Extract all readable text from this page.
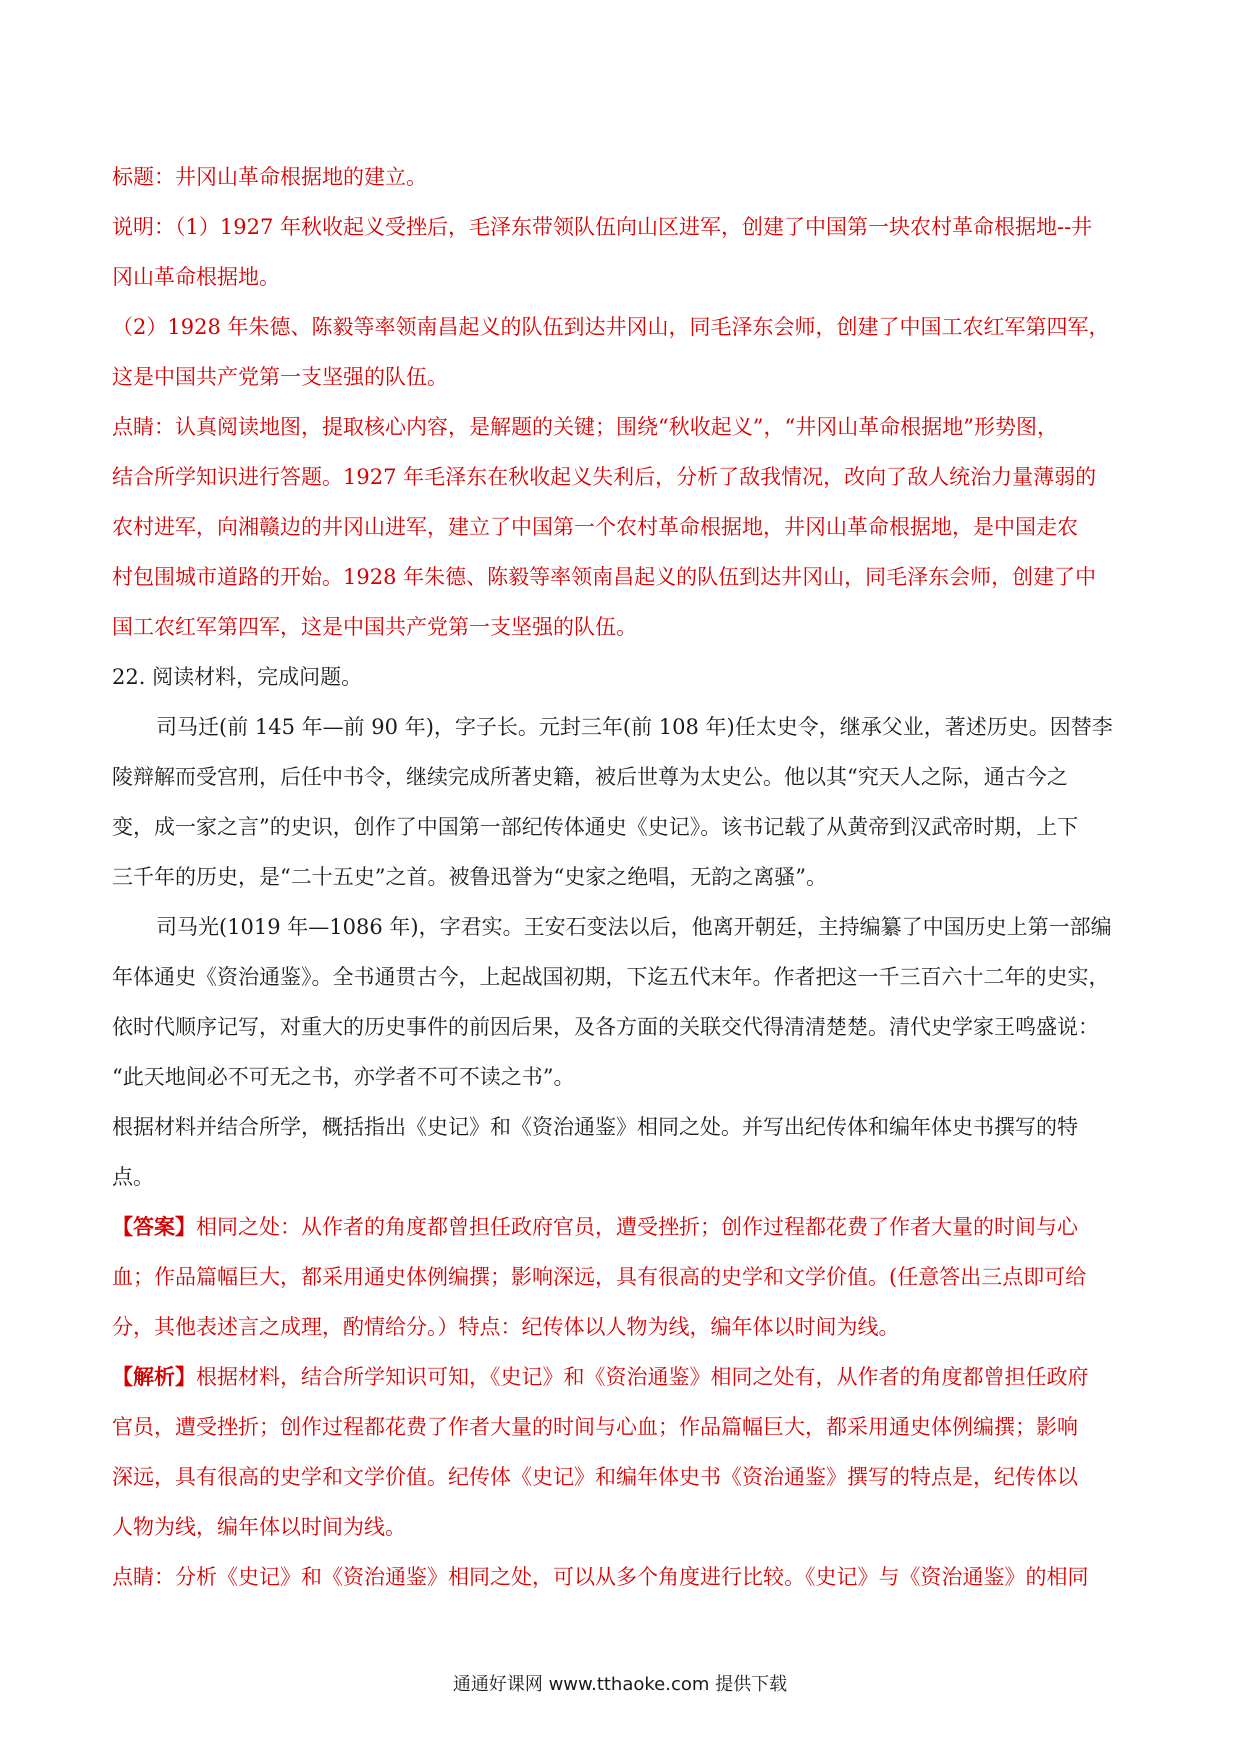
标题：井冈山革命根据地的建立。
说明：（1）1927 年秋收起义受挫后，毛泽东带领队伍向山区进军，创建了中国第一块农村革命根据地--井
冈山革命根据地。
（2）1928 年朱德、陈毅等率领南昌起义的队伍到达井冈山，同毛泽东会师，创建了中国工农红军第四军，
这是中国共产党第一支坚强的队伍。
点睛：认真阅读地图，提取核心内容，是解题的关键；围绕“秋收起义”，“井冈山革命根据地”形势图，
结合所学知识进行答题。1927 年毛泽东在秋收起义失利后，分析了敌我情况，改向了敌人统治力量薄弱的
农村进军，向湘赣边的井冈山进军，建立了中国第一个农村革命根据地，井冈山革命根据地，是中国走农
村包围城市道路的开始。1928 年朱德、陈毅等率领南昌起义的队伍到达井冈山，同毛泽东会师，创建了中
国工农红军第四军，这是中国共产党第一支坚强的队伍。
22. 阅读材料，完成问题。
司马迁(前 145 年—前 90 年)，字子长。元封三年(前 108 年)任太史令，继承父业，著述历史。因替李
陵辩解而受宫刑，后任中书令，继续完成所著史籍，被后世尊为太史公。他以其“究天人之际，通古今之
变，成一家之言”的史识，创作了中国第一部纪传体通史《史记》。该书记载了从黄帝到汉武帝时期，上下
三千年的历史，是“二十五史”之首。被鲁迅誉为“史家之绝唱，无韵之离骚”。
司马光(1019 年—1086 年)，字君实。王安石变法以后，他离开朝廷，主持编纂了中国历史上第一部编
年体通史《资治通鉴》。全书通贯古今，上起战国初期，下迄五代末年。作者把这一千三百六十二年的史实，
依时代顺序记写，对重大的历史事件的前因后果，及各方面的关联交代得清清楚楚。清代史学家王鸣盛说：
“此天地间必不可无之书，亦学者不可不读之书”。
根据材料并结合所学，概括指出《史记》和《资治通鉴》相同之处。并写出纪传体和编年体史书撰写的特
点。
【答案】相同之处：从作者的角度都曾担任政府官员，遭受挫折；创作过程都花费了作者大量的时间与心
血；作品篇幅巨大，都采用通史体例编撰；影响深远，具有很高的史学和文学价值。(任意答出三点即可给
分，其他表述言之成理，酌情给分。）特点：纪传体以人物为线，编年体以时间为线。
【解析】根据材料，结合所学知识可知，《史记》和《资治通鉴》相同之处有，从作者的角度都曾担任政府
官员，遭受挫折；创作过程都花费了作者大量的时间与心血；作品篇幅巨大，都采用通史体例编撰；影响
深远，具有很高的史学和文学价值。纪传体《史记》和编年体史书《资治通鉴》撰写的特点是，纪传体以
人物为线，编年体以时间为线。
点睛：分析《史记》和《资治通鉴》相同之处，可以从多个角度进行比较。《史记》与《资治通鉴》的相同
通通好课网 www.tthaoke.com 提供下载
